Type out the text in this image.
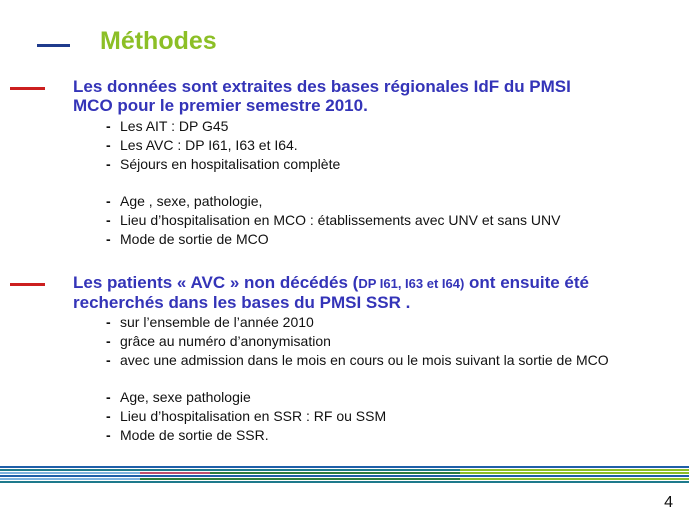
Méthodes

Les données sont extraites des bases régionales IdF du PMSI
MCO pour le premier semestre 2010.

- Les AIT : DP G45
- Les AVC : DP I61, I63 et I64.
- Séjours en hospitalisation complète
- Age , sexe, pathologie,
- Lieu d’hospitalisation en MCO : établissements avec UNV et sans UNV
- Mode de sortie de MCO

Les patients « AVC » non décédés (DP I61, I63 et I64) ont ensuite été
recherchés dans les bases du PMSI SSR .

- sur l’ensemble de l’année 2010
- grâce au numéro d’anonymisation
- avec une admission dans le mois en cours ou le mois suivant la sortie de MCO
- Age, sexe pathologie
- Lieu d’hospitalisation en SSR : RF ou SSM
- Mode de sortie de SSR.
4
